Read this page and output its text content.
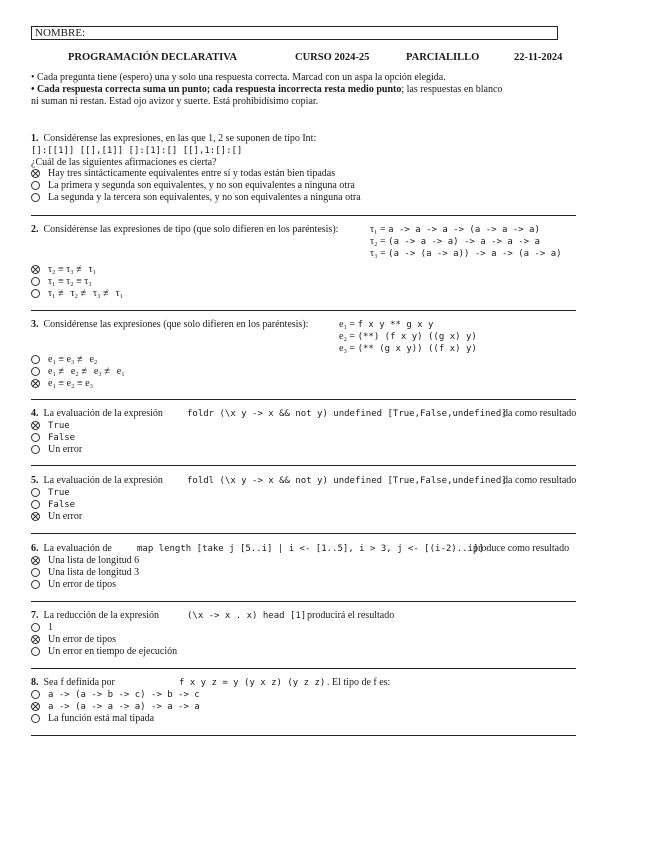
NOMBRE:
PROGRAMACIÓN DECLARATIVA	CURSO 2024-25	PARCIALILLO	22-11-2024
• Cada pregunta tiene (espero) una y solo una respuesta correcta. Marcad con un aspa la opción elegida.
• Cada respuesta correcta suma un punto; cada respuesta incorrecta resta medio punto; las respuestas en blanco
ni suman ni restan. Estad ojo avizor y suerte. Está prohibidísimo copiar.
1. Considérense las expresiones, en las que 1, 2 se suponen de tipo Int:
[]:[[1]] [[],[1]] []:[1]:[] [[],1:[]:[]
¿Cuál de las siguientes afirmaciones es cierta?
Hay tres sintácticamente equivalentes entre sí y todas están bien tipadas
La primera y segunda son equivalentes, y no son equivalentes a ninguna otra
La segunda y la tercera son equivalentes, y no son equivalentes a ninguna otra
2. Considérense las expresiones de tipo (que solo difieren en los paréntesis):	τ₁ = a -> a -> a -> (a -> a -> a)
τ₂ = (a -> a -> a) -> a -> a -> a
τ₃ = (a -> (a -> a)) -> a -> (a -> a)
τ₂ ≡ τ₃ ≢ τ₁
τ₁ ≡ τ₂ ≡ τ₃
τ₁ ≢ τ₂ ≢ τ₃ ≢ τ₁
3. Considérense las expresiones (que solo difieren en los paréntesis):	e₁ = f x y ** g x y
e₂ = (**) (f x y) ((g x) y)
e₃ = (** (g x y)) ((f x) y)
e₁ ≡ e₃ ≢ e₂
e₁ ≢ e₂ ≢ e₃ ≢ e₁
e₁ ≡ e₂ ≡ e₃
4. La evaluación de la expresión	foldr (\x y -> x && not y) undefined [True,False,undefined]
da como resultado
True
False
Un error
5. La evaluación de la expresión	foldl (\x y -> x && not y) undefined [True,False,undefined]
da como resultado
True
False
Un error
6. La evaluación de	map length [take j [5..i] | i <- [1..5], i > 3, j <- [(i-2)..i]]
produce como resultado
Una lista de longitud 6
Una lista de longitud 3
Un error de tipos
7. La reducción de la expresión	(\x -> x . x) head [1] producirá el resultado
1
Un error de tipos
Un error en tiempo de ejecución
8. Sea f definida por	f x y z = y (y x z) (y z z) . El tipo de f es:
a -> (a -> b -> c) -> b -> c
a -> (a -> a -> a) -> a -> a
La función está mal tipada
